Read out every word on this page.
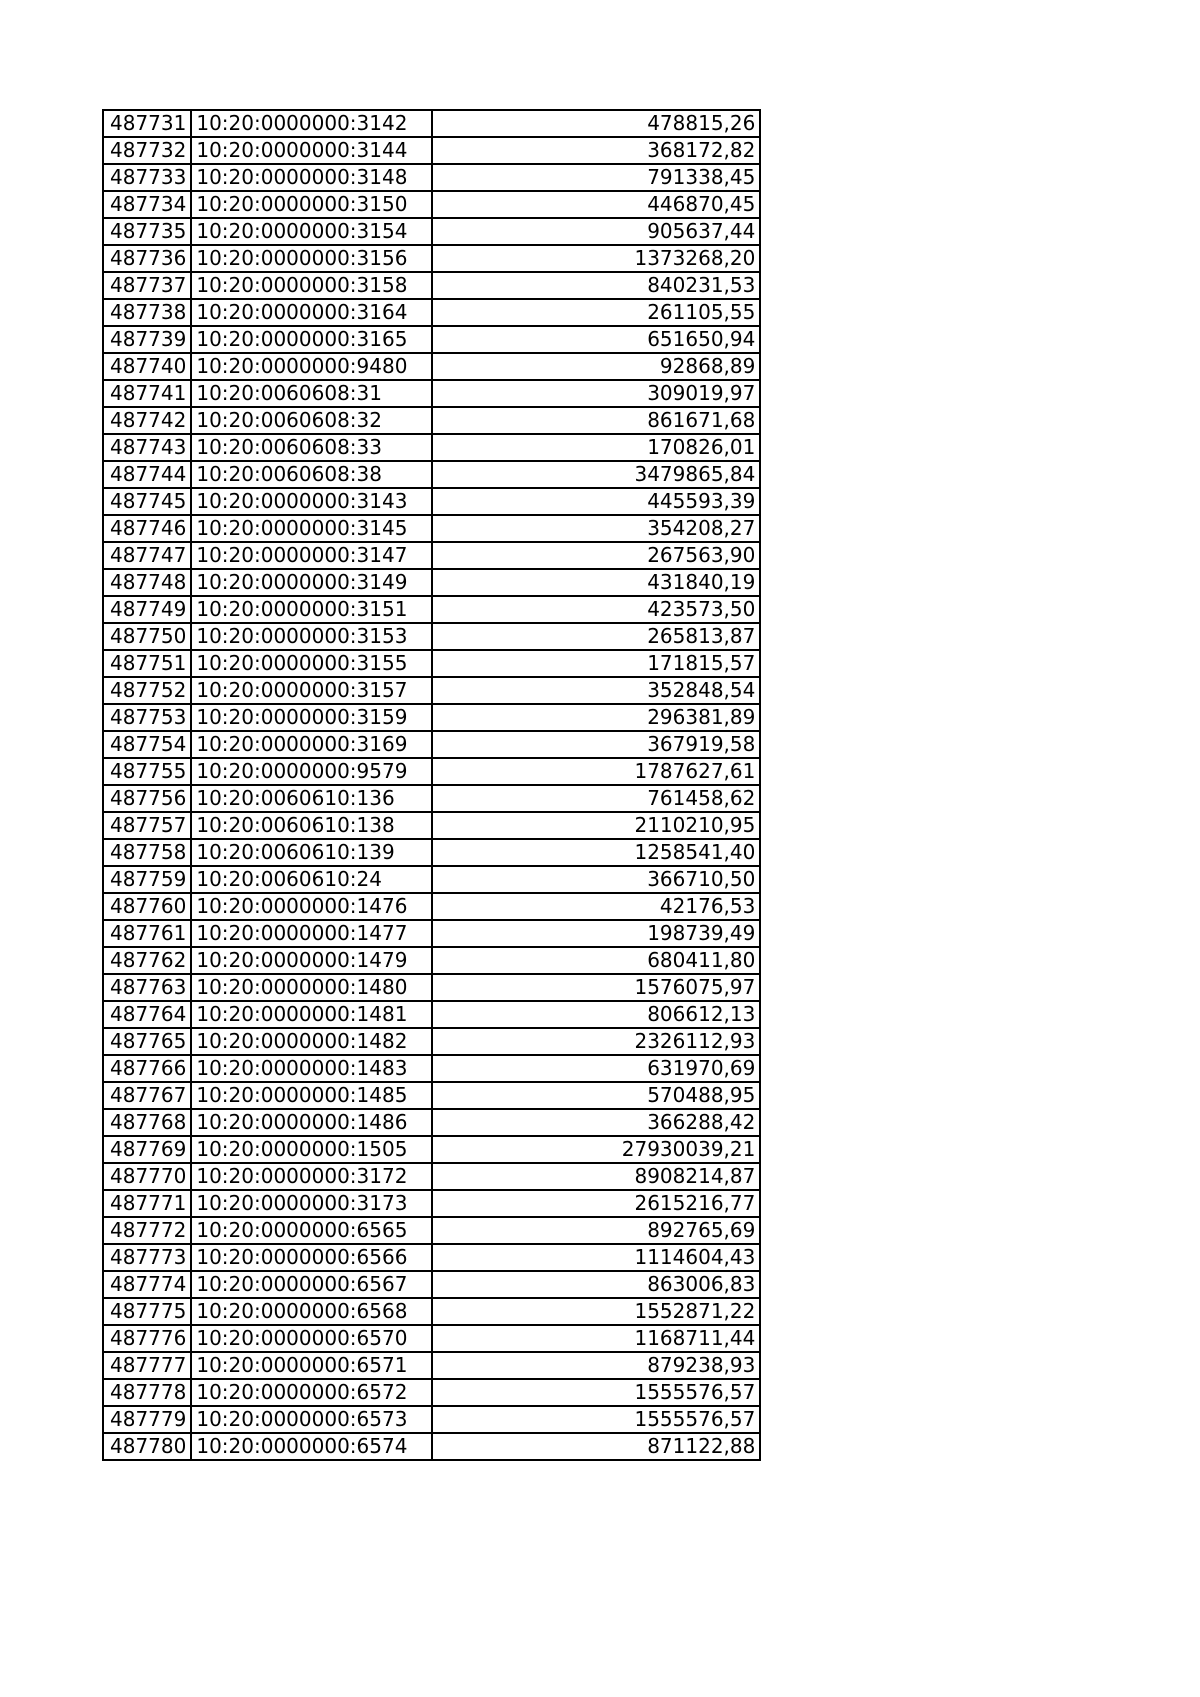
487731	10:20:0000000:3142	478815,26
487732	10:20:0000000:3144	368172,82
487733	10:20:0000000:3148	791338,45
487734	10:20:0000000:3150	446870,45
487735	10:20:0000000:3154	905637,44
487736	10:20:0000000:3156	1373268,20
487737	10:20:0000000:3158	840231,53
487738	10:20:0000000:3164	261105,55
487739	10:20:0000000:3165	651650,94
487740	10:20:0000000:9480	92868,89
487741	10:20:0060608:31	309019,97
487742	10:20:0060608:32	861671,68
487743	10:20:0060608:33	170826,01
487744	10:20:0060608:38	3479865,84
487745	10:20:0000000:3143	445593,39
487746	10:20:0000000:3145	354208,27
487747	10:20:0000000:3147	267563,90
487748	10:20:0000000:3149	431840,19
487749	10:20:0000000:3151	423573,50
487750	10:20:0000000:3153	265813,87
487751	10:20:0000000:3155	171815,57
487752	10:20:0000000:3157	352848,54
487753	10:20:0000000:3159	296381,89
487754	10:20:0000000:3169	367919,58
487755	10:20:0000000:9579	1787627,61
487756	10:20:0060610:136	761458,62
487757	10:20:0060610:138	2110210,95
487758	10:20:0060610:139	1258541,40
487759	10:20:0060610:24	366710,50
487760	10:20:0000000:1476	42176,53
487761	10:20:0000000:1477	198739,49
487762	10:20:0000000:1479	680411,80
487763	10:20:0000000:1480	1576075,97
487764	10:20:0000000:1481	806612,13
487765	10:20:0000000:1482	2326112,93
487766	10:20:0000000:1483	631970,69
487767	10:20:0000000:1485	570488,95
487768	10:20:0000000:1486	366288,42
487769	10:20:0000000:1505	27930039,21
487770	10:20:0000000:3172	8908214,87
487771	10:20:0000000:3173	2615216,77
487772	10:20:0000000:6565	892765,69
487773	10:20:0000000:6566	1114604,43
487774	10:20:0000000:6567	863006,83
487775	10:20:0000000:6568	1552871,22
487776	10:20:0000000:6570	1168711,44
487777	10:20:0000000:6571	879238,93
487778	10:20:0000000:6572	1555576,57
487779	10:20:0000000:6573	1555576,57
487780	10:20:0000000:6574	871122,88
